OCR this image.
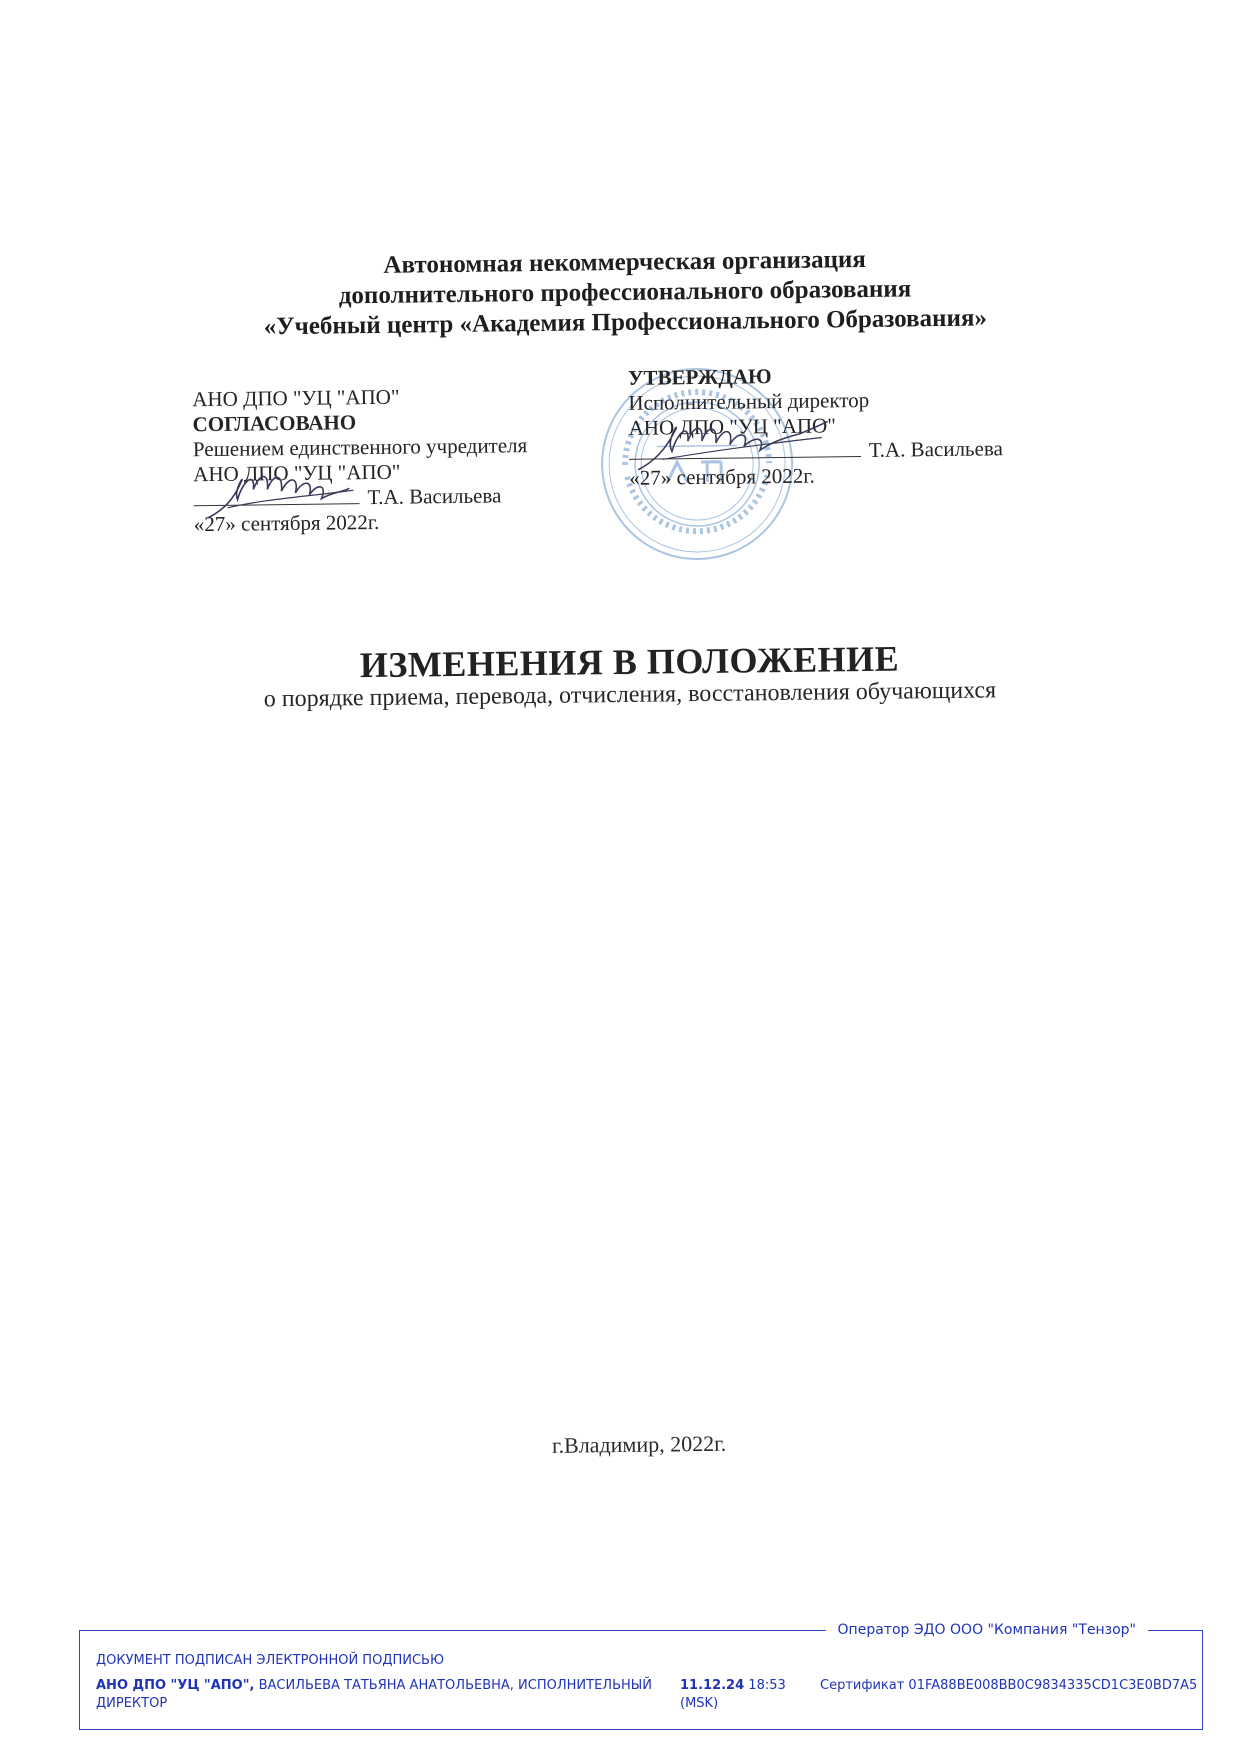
Автономная некоммерческая организация
дополнительного профессионального образования
«Учебный центр «Академия Профессионального Образования»
АНО ДПО "УЦ "АПО"
СОГЛАСОВАНО
Решением единственного учредителя
АНО ДПО "УЦ "АПО"
Т.А. Васильева
«27» сентября 2022г.
УТВЕРЖДАЮ
Исполнительный директор
АНО ДПО "УЦ "АПО"
Т.А. Васильева
«27» сентября 2022г.
ИЗМЕНЕНИЯ В ПОЛОЖЕНИЕ
о порядке приема, перевода, отчисления, восстановления обучающихся
г.Владимир, 2022г.
Оператор ЭДО ООО "Компания "Тензор"
ДОКУМЕНТ ПОДПИСАН ЭЛЕКТРОННОЙ ПОДПИСЬЮ
АНО ДПО "УЦ "АПО", ВАСИЛЬЕВА ТАТЬЯНА АНАТОЛЬЕВНА, ИСПОЛНИТЕЛЬНЫЙ ДИРЕКТОР
11.12.24 18:53
(MSK)
Сертификат 01FA88BE008BB0C9834335CD1C3E0BD7A5
